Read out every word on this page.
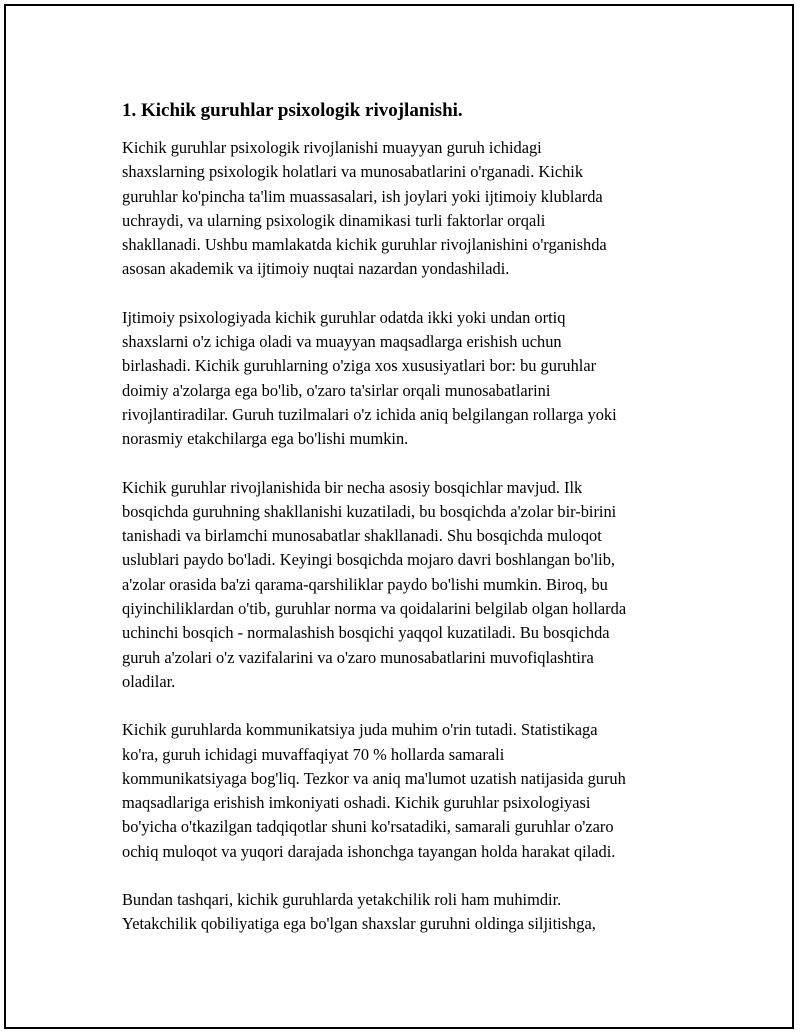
1. Kichik guruhlar psixologik rivojlanishi.

Kichik guruhlar psixologik rivojlanishi muayyan guruh ichidagi
shaxslarning psixologik holatlari va munosabatlarini o'rganadi. Kichik
guruhlar ko'pincha ta'lim muassasalari, ish joylari yoki ijtimoiy klublarda
uchraydi, va ularning psixologik dinamikasi turli faktorlar orqali
shakllanadi. Ushbu mamlakatda kichik guruhlar rivojlanishini o'rganishda
asosan akademik va ijtimoiy nuqtai nazardan yondashiladi.

Ijtimoiy psixologiyada kichik guruhlar odatda ikki yoki undan ortiq
shaxslarni o'z ichiga oladi va muayyan maqsadlarga erishish uchun
birlashadi. Kichik guruhlarning o'ziga xos xususiyatlari bor: bu guruhlar
doimiy a'zolarga ega bo'lib, o'zaro ta'sirlar orqali munosabatlarini
rivojlantiradilar. Guruh tuzilmalari o'z ichida aniq belgilangan rollarga yoki
norasmiy etakchilarga ega bo'lishi mumkin.

Kichik guruhlar rivojlanishida bir necha asosiy bosqichlar mavjud. Ilk
bosqichda guruhning shakllanishi kuzatiladi, bu bosqichda a'zolar bir-birini
tanishadi va birlamchi munosabatlar shakllanadi. Shu bosqichda muloqot
uslublari paydo bo'ladi. Keyingi bosqichda mojaro davri boshlangan bo'lib,
a'zolar orasida ba'zi qarama-qarshiliklar paydo bo'lishi mumkin. Biroq, bu
qiyinchiliklardan o'tib, guruhlar norma va qoidalarini belgilab olgan hollarda
uchinchi bosqich - normalashish bosqichi yaqqol kuzatiladi. Bu bosqichda
guruh a'zolari o'z vazifalarini va o'zaro munosabatlarini muvofiqlashtira
oladilar.

Kichik guruhlarda kommunikatsiya juda muhim o'rin tutadi. Statistikaga
ko'ra, guruh ichidagi muvaffaqiyat 70 % hollarda samarali
kommunikatsiyaga bog'liq. Tezkor va aniq ma'lumot uzatish natijasida guruh
maqsadlariga erishish imkoniyati oshadi. Kichik guruhlar psixologiyasi
bo'yicha o'tkazilgan tadqiqotlar shuni ko'rsatadiki, samarali guruhlar o'zaro
ochiq muloqot va yuqori darajada ishonchga tayangan holda harakat qiladi.

Bundan tashqari, kichik guruhlarda yetakchilik roli ham muhimdir.
Yetakchilik qobiliyatiga ega bo'lgan shaxslar guruhni oldinga siljitishga,
